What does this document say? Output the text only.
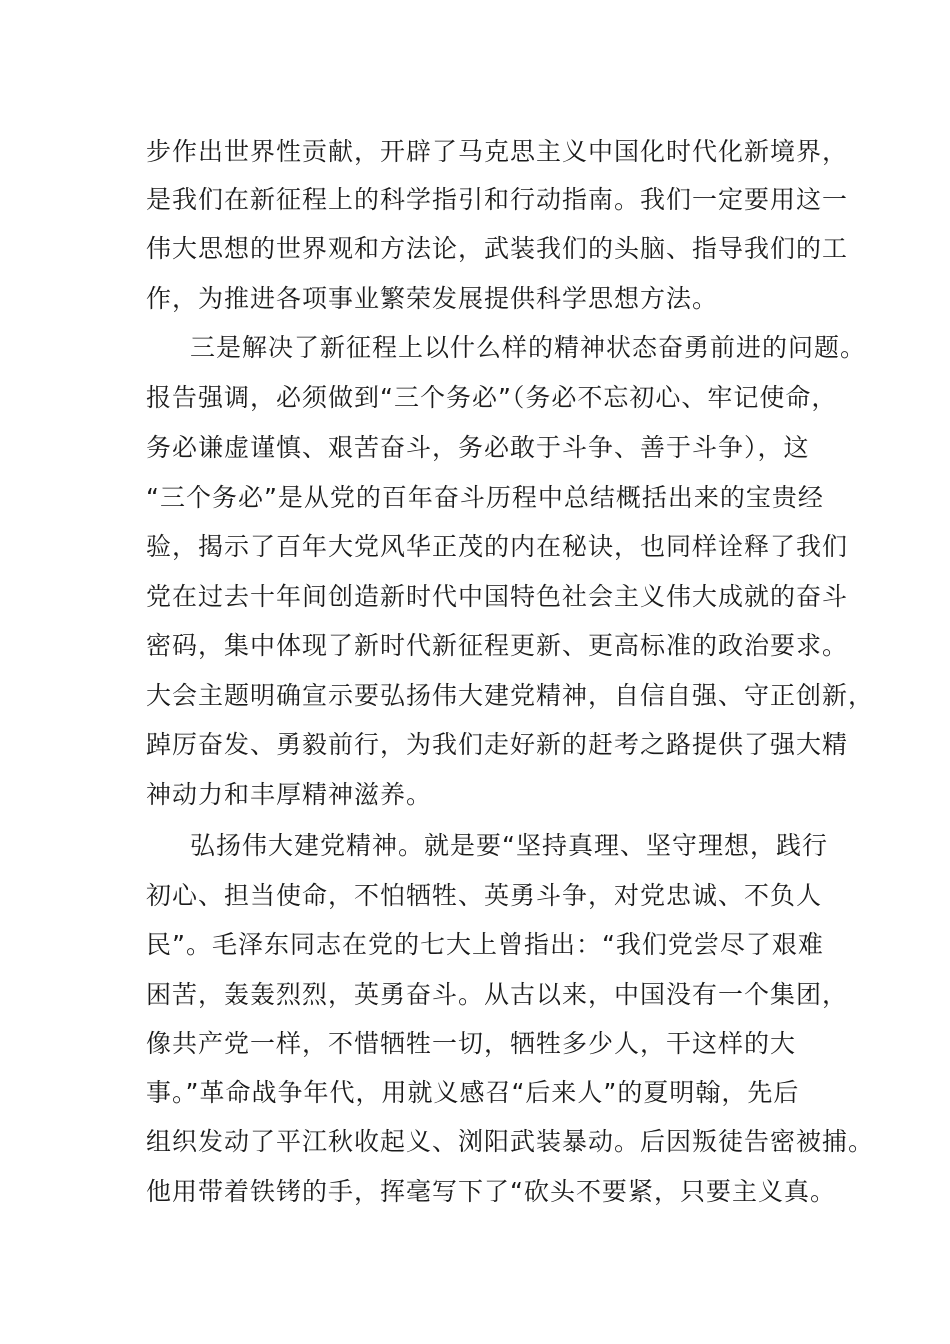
步作出世界性贡献，开辟了马克思主义中国化时代化新境界，
是我们在新征程上的科学指引和行动指南。我们一定要用这一
伟大思想的世界观和方法论，武装我们的头脑、指导我们的工
作，为推进各项事业繁荣发展提供科学思想方法。
三是解决了新征程上以什么样的精神状态奋勇前进的问题。
报告强调，必须做到“三个务必”（务必不忘初心、牢记使命，
务必谦虚谨慎、艰苦奋斗，务必敢于斗争、善于斗争），这
“三个务必”是从党的百年奋斗历程中总结概括出来的宝贵经
验，揭示了百年大党风华正茂的内在秘诀，也同样诠释了我们
党在过去十年间创造新时代中国特色社会主义伟大成就的奋斗
密码，集中体现了新时代新征程更新、更高标准的政治要求。
大会主题明确宣示要弘扬伟大建党精神，自信自强、守正创新，
踔厉奋发、勇毅前行，为我们走好新的赶考之路提供了强大精
神动力和丰厚精神滋养。
弘扬伟大建党精神。就是要“坚持真理、坚守理想，践行
初心、担当使命，不怕牺牲、英勇斗争，对党忠诚、不负人
民”。毛泽东同志在党的七大上曾指出：“我们党尝尽了艰难
困苦，轰轰烈烈，英勇奋斗。从古以来，中国没有一个集团，
像共产党一样，不惜牺牲一切，牺牲多少人，干这样的大
事。”革命战争年代，用就义感召“后来人”的夏明翰，先后
组织发动了平江秋收起义、浏阳武装暴动。后因叛徒告密被捕。
他用带着铁铐的手，挥毫写下了“砍头不要紧，只要主义真。
